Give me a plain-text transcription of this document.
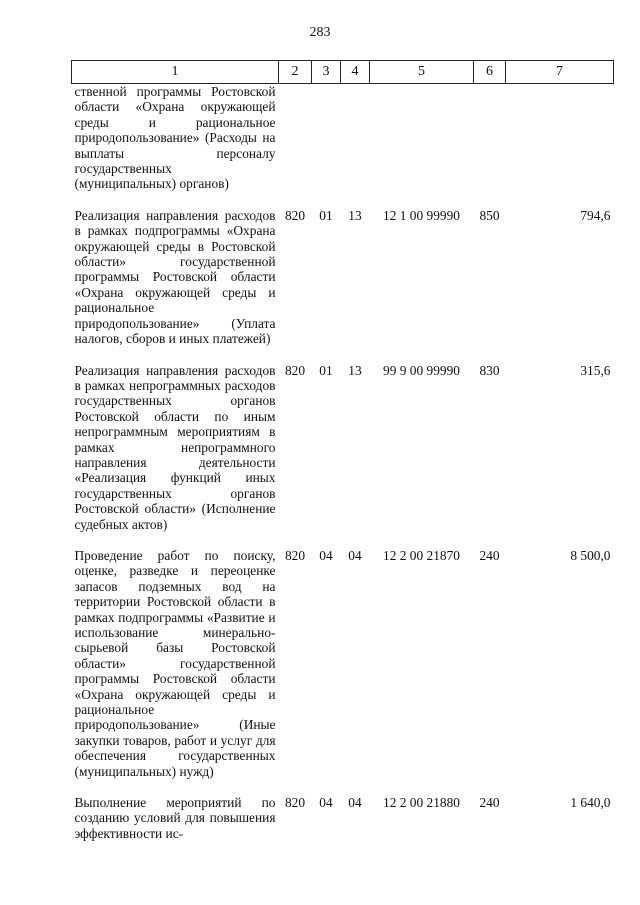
283
1	2	3	4	5	6	7
ственной программы Ростовской области «Охрана окружающей среды и рациональное природопользование» (Расходы на выплаты персоналу государственных (муниципальных) органов)						

Реализация направления расходов в рамках подпрограммы «Охрана окружающей среды в Ростовской области» государственной программы Ростовской области «Охрана окружающей среды и рациональное природопользование» (Уплата налогов, сборов и иных платежей)	820	01	13	12 1 00 99990	850	794,6

Реализация направления расходов в рамках непрограммных расходов государственных органов Ростовской области по иным непрограммным мероприятиям в рамках непрограммного направления деятельности «Реализация функций иных государственных органов Ростовской области» (Исполнение судебных актов)	820	01	13	99 9 00 99990	830	315,6

Проведение работ по поиску, оценке, разведке и переоценке запасов подземных вод на территории Ростовской области в рамках подпрограммы «Развитие и использование минерально-сырьевой базы Ростовской области» государственной программы Ростовской области «Охрана окружающей среды и рациональное природопользование» (Иные закупки товаров, работ и услуг для обеспечения государственных (муниципальных) нужд)	820	04	04	12 2 00 21870	240	8 500,0

Выполнение мероприятий по созданию условий для повышения эффективности ис-	820	04	04	12 2 00 21880	240	1 640,0
